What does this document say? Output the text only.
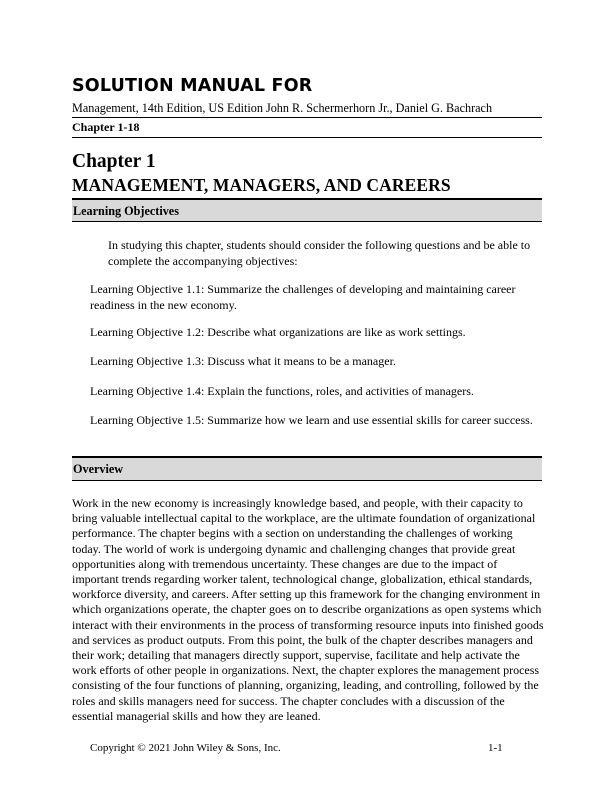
SOLUTION MANUAL FOR
Management, 14th Edition, US Edition John R. Schermerhorn Jr., Daniel G. Bachrach
Chapter 1-18
Chapter 1
MANAGEMENT, MANAGERS, AND CAREERS
Learning Objectives
In studying this chapter, students should consider the following questions and be able to complete the accompanying objectives:
Learning Objective 1.1: Summarize the challenges of developing and maintaining career readiness in the new economy.
Learning Objective 1.2: Describe what organizations are like as work settings.
Learning Objective 1.3: Discuss what it means to be a manager.
Learning Objective 1.4: Explain the functions, roles, and activities of managers.
Learning Objective 1.5: Summarize how we learn and use essential skills for career success.
Overview
Work in the new economy is increasingly knowledge based, and people, with their capacity to bring valuable intellectual capital to the workplace, are the ultimate foundation of organizational performance. The chapter begins with a section on understanding the challenges of working today. The world of work is undergoing dynamic and challenging changes that provide great opportunities along with tremendous uncertainty. These changes are due to the impact of important trends regarding worker talent, technological change, globalization, ethical standards, workforce diversity, and careers. After setting up this framework for the changing environment in which organizations operate, the chapter goes on to describe organizations as open systems which interact with their environments in the process of transforming resource inputs into finished goods and services as product outputs. From this point, the bulk of the chapter describes managers and their work; detailing that managers directly support, supervise, facilitate and help activate the work efforts of other people in organizations. Next, the chapter explores the management process consisting of the four functions of planning, organizing, leading, and controlling, followed by the roles and skills managers need for success. The chapter concludes with a discussion of the essential managerial skills and how they are leaned.
Copyright © 2021 John Wiley & Sons, Inc.	1-1
